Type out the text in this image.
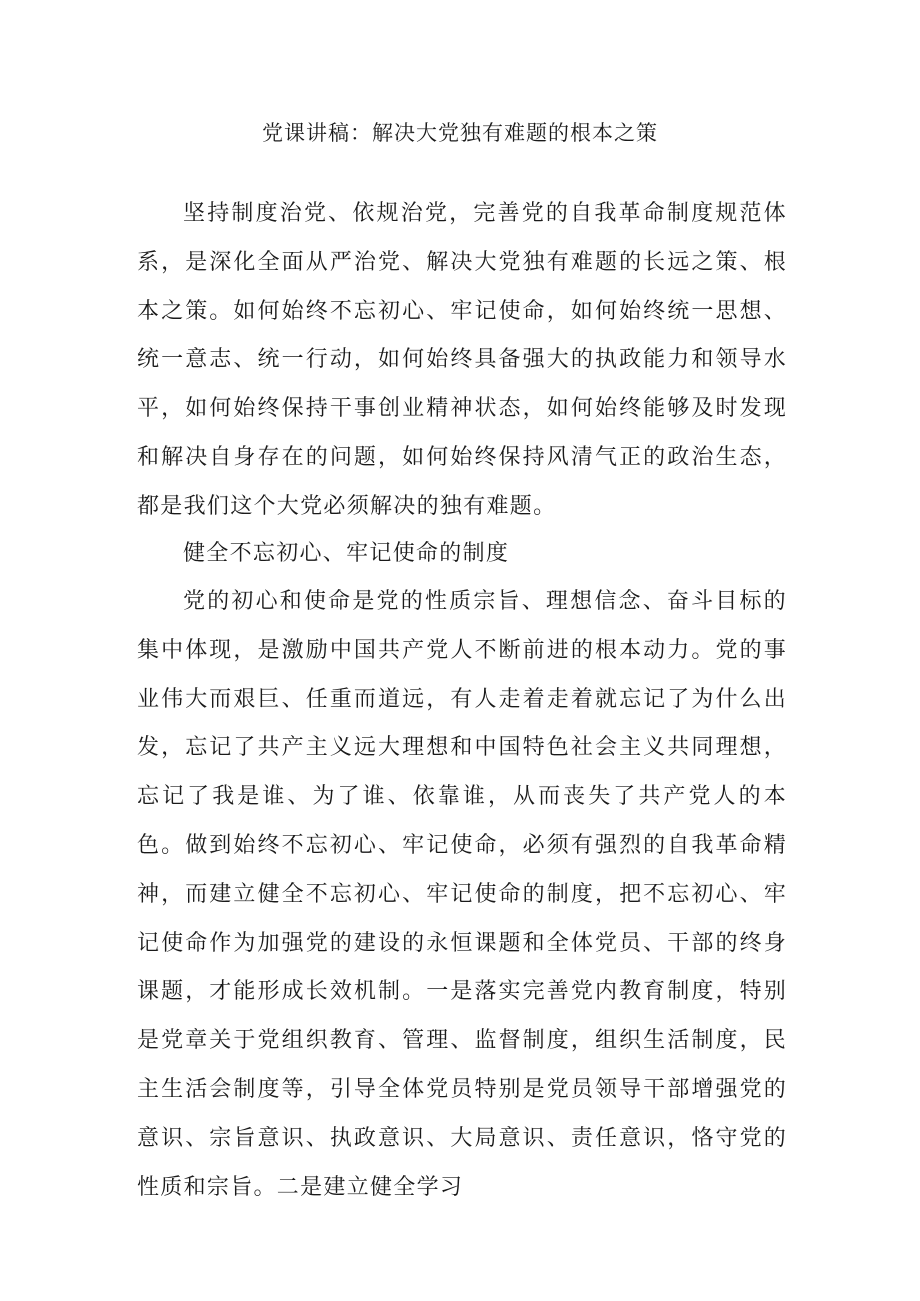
党课讲稿：解决大党独有难题的根本之策

坚持制度治党、依规治党，完善党的自我革命制度规范体系，是深化全面从严治党、解决大党独有难题的长远之策、根本之策。如何始终不忘初心、牢记使命，如何始终统一思想、统一意志、统一行动，如何始终具备强大的执政能力和领导水平，如何始终保持干事创业精神状态，如何始终能够及时发现和解决自身存在的问题，如何始终保持风清气正的政治生态，都是我们这个大党必须解决的独有难题。

健全不忘初心、牢记使命的制度

党的初心和使命是党的性质宗旨、理想信念、奋斗目标的集中体现，是激励中国共产党人不断前进的根本动力。党的事业伟大而艰巨、任重而道远，有人走着走着就忘记了为什么出发，忘记了共产主义远大理想和中国特色社会主义共同理想，忘记了我是谁、为了谁、依靠谁，从而丧失了共产党人的本色。做到始终不忘初心、牢记使命，必须有强烈的自我革命精神，而建立健全不忘初心、牢记使命的制度，把不忘初心、牢记使命作为加强党的建设的永恒课题和全体党员、干部的终身课题，才能形成长效机制。一是落实完善党内教育制度，特别是党章关于党组织教育、管理、监督制度，组织生活制度，民主生活会制度等，引导全体党员特别是党员领导干部增强党的意识、宗旨意识、执政意识、大局意识、责任意识，恪守党的性质和宗旨。二是建立健全学习
